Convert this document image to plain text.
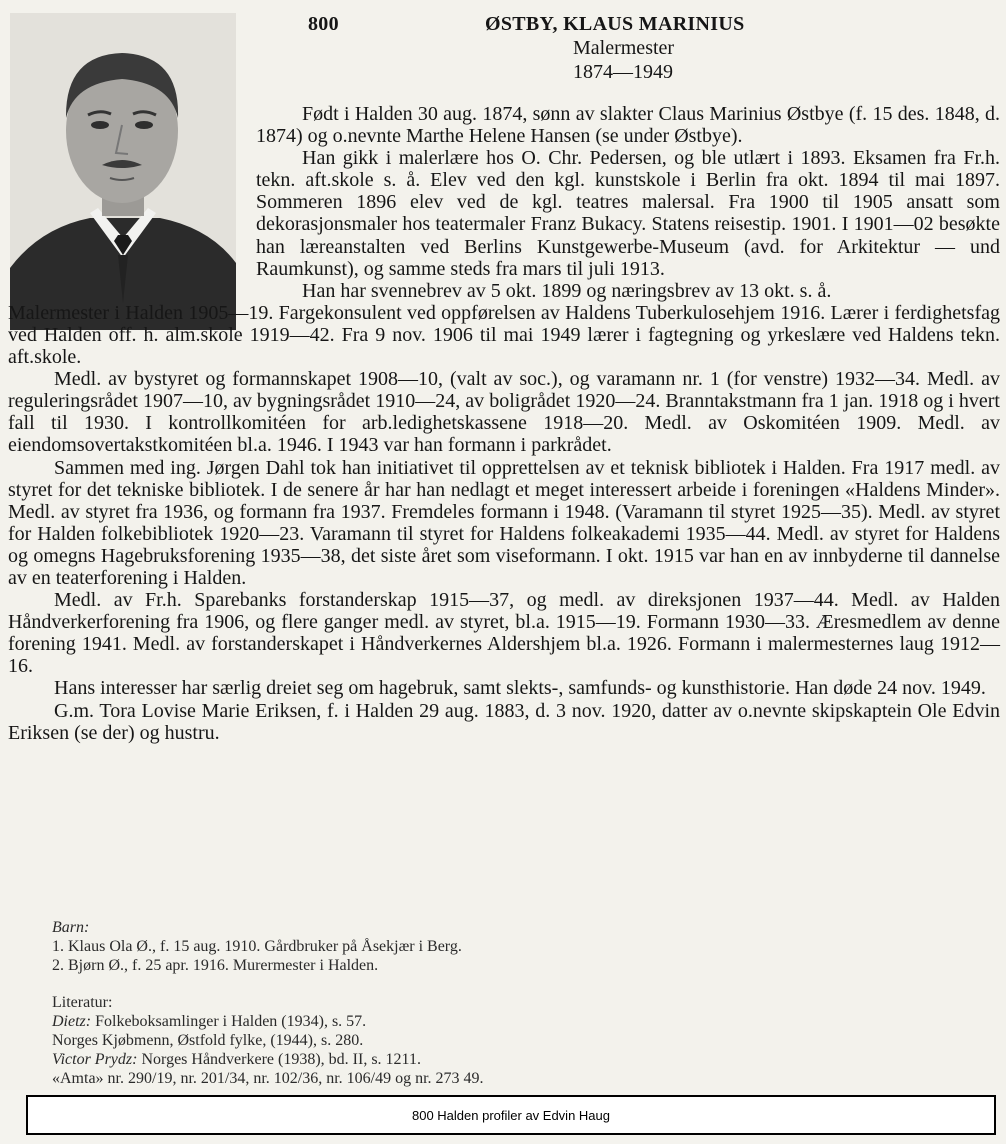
800	ØSTBY, KLAUS MARINIUS
Malermester
1874—1949

Født i Halden 30 aug. 1874, sønn av slakter Claus Marinius Østbye (f. 15 des. 1848, d. 1874) og o.nevnte Marthe Helene Hansen (se under Østbye).

Han gikk i malerlære hos O. Chr. Pedersen, og ble utlært i 1893. Eksamen fra Fr.h. tekn. aft.skole s. å. Elev ved den kgl. kunstskole i Berlin fra okt. 1894 til mai 1897. Sommeren 1896 elev ved de kgl. teatres malersal. Fra 1900 til 1905 ansatt som dekorasjonsmaler hos teatermaler Franz Bukacy. Statens reisestip. 1901. I 1901—02 besøkte han læreanstalten ved Berlins Kunstgewerbe-Museum (avd. for Arkitektur — und Raumkunst), og samme steds fra mars til juli 1913.

Han har svennebrev av 5 okt. 1899 og næringsbrev av 13 okt. s. å.

Malermester i Halden 1905—19. Fargekonsulent ved oppførelsen av Haldens Tuberkulosehjem 1916. Lærer i ferdighetsfag ved Halden off. h. alm.skole 1919—42. Fra 9 nov. 1906 til mai 1949 lærer i fagtegning og yrkeslære ved Haldens tekn. aft.skole.

Medl. av bystyret og formannskapet 1908—10, (valt av soc.), og varamann nr. 1 (for venstre) 1932—34. Medl. av reguleringsrådet 1907—10, av bygningsrådet 1910—24, av boligrådet 1920—24. Branntakstmann fra 1 jan. 1918 og i hvert fall til 1930. I kontrollkomitéen for arb.ledighetskassene 1918—20. Medl. av Oskomitéen 1909. Medl. av eiendomsovertakstkomitéen bl.a. 1946. I 1943 var han formann i parkrådet.

Sammen med ing. Jørgen Dahl tok han initiativet til opprettelsen av et teknisk bibliotek i Halden. Fra 1917 medl. av styret for det tekniske bibliotek. I de senere år har han nedlagt et meget interessert arbeide i foreningen «Haldens Minder». Medl. av styret fra 1936, og formann fra 1937. Fremdeles formann i 1948. (Varamann til styret 1925—35). Medl. av styret for Halden folkebibliotek 1920—23. Varamann til styret for Haldens folkeakademi 1935—44. Medl. av styret for Haldens og omegns Hagebruksforening 1935—38, det siste året som viseformann. I okt. 1915 var han en av innbyderne til dannelse av en teaterforening i Halden.

Medl. av Fr.h. Sparebanks forstanderskap 1915—37, og medl. av direksjonen 1937—44. Medl. av Halden Håndverkerforening fra 1906, og flere ganger medl. av styret, bl.a. 1915—19. Formann 1930—33. Æresmedlem av denne forening 1941. Medl. av forstanderskapet i Håndverkernes Aldershjem bl.a. 1926. Formann i malermesternes laug 1912—16.

Hans interesser har særlig dreiet seg om hagebruk, samt slekts-, samfunds- og kunsthistorie. Han døde 24 nov. 1949.

G.m. Tora Lovise Marie Eriksen, f. i Halden 29 aug. 1883, d. 3 nov. 1920, datter av o.nevnte skipskaptein Ole Edvin Eriksen (se der) og hustru.

Barn:
1. Klaus Ola Ø., f. 15 aug. 1910. Gårdbruker på Åsekjær i Berg.
2. Bjørn Ø., f. 25 apr. 1916. Murermester i Halden.
Literatur:
Dietz: Folkeboksamlinger i Halden (1934), s. 57.
Norges Kjøbmenn, Østfold fylke, (1944), s. 280.
Victor Prydz: Norges Håndverkere (1938), bd. II, s. 1211.
«Amta» nr. 290/19, nr. 201/34, nr. 102/36, nr. 106/49 og nr. 273 49.
800 Halden profiler av Edvin Haug
